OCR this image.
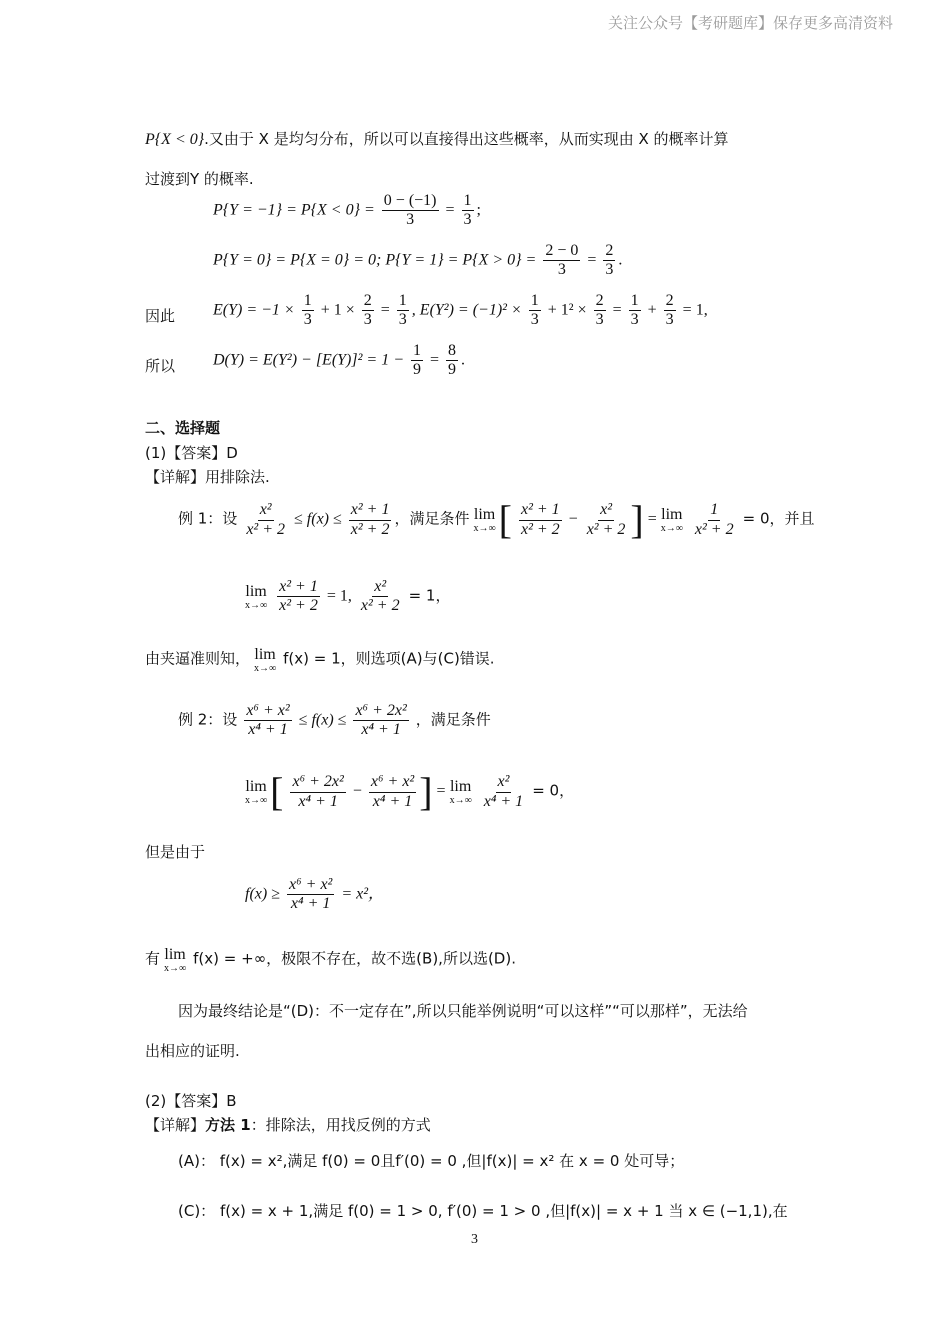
关注公众号【考研题库】保存更多高清资料
P{X < 0}.又由于 X 是均匀分布，所以可以直接得出这些概率，从而实现由 X 的概率计算
过渡到Y 的概率.
$P\{Y = -1\} = P\{X < 0\} = \frac{0 - (-1)}{3} = \frac{1}{3}$ ;
P{Y = 0} = P{X = 0} = 0; $P\{Y = 1\} = P\{X > 0\} = \frac{2 - 0}{3} = \frac{2}{3}$ .
因此 $E(Y) = -1 \times \frac{1}{3} + 1 \times \frac{2}{3} = \frac{1}{3}$ , $E(Y^2) = (-1)^2 \times \frac{1}{3} + 1^2 \times \frac{2}{3} = \frac{1}{3} + \frac{2}{3} = 1$,
所以 $D(Y) = E(Y^2) - [E(Y)]^2 = 1 - \frac{1}{9} = \frac{8}{9}$ .
二、选择题
(1)【答案】D
【详解】用排除法.
例 1：设 $\frac{\text{x²}}{\text{x² + 2}} \le f(x) \le \frac{\text{x² + 1}}{\text{x² + 2}}$ ，满足条件 lim
x→∞ [ $\frac{\text{x² + 1}}{\text{x² + 2}} - \frac{\text{x²}}{\text{x² + 2}}$ ] = lim
x→∞
$\frac{1}{\text{x² + 2}} = 0$，并且
lim
x→∞
$\frac{\text{x² + 1}}{\text{x² + 2}} = 1$, $\frac{\text{x²}}{\text{x² + 2}} = 1$，
由夹逼准则知， lim
x→∞
f(x) = 1，则选项(A)与(C)错误.
例 2：设 $\frac{\text{x⁶ + x²}}{\text{x⁴ + 1}} \le f(x) \le \frac{\text{x⁶ + 2x²}}{\text{x⁴ + 1}}$ ，满足条件
lim
x→∞ [ $\frac{\text{x⁶ + 2x²}}{\text{x⁴ + 1}} - \frac{\text{x⁶ + x²}}{\text{x⁴ + 1}}$ ] = lim
x→∞
$\frac{\text{x²}}{\text{x⁴ + 1}} = 0$，
但是由于
$f(x) \ge \frac{\text{x⁶ + x²}}{\text{x⁴ + 1}} = x^2$，
有 lim
x→∞
f(x) = +∞，极限不存在，故不选(B),所以选(D).
因为最终结论是“(D)：不一定存在”,所以只能举例说明“可以这样”“可以那样”，无法给
出相应的证明.
(2)【答案】B
【详解】方法 1：排除法，用找反例的方式
(A)： f(x) = x²,满足 f(0) = 0且f′(0) = 0 ,但|f(x)| = x² 在 x = 0 处可导；
(C)： f(x) = x + 1,满足 f(0) = 1 > 0, f′(0) = 1 > 0 ,但|f(x)| = x + 1 当 x ∈ (−1,1),在
3
